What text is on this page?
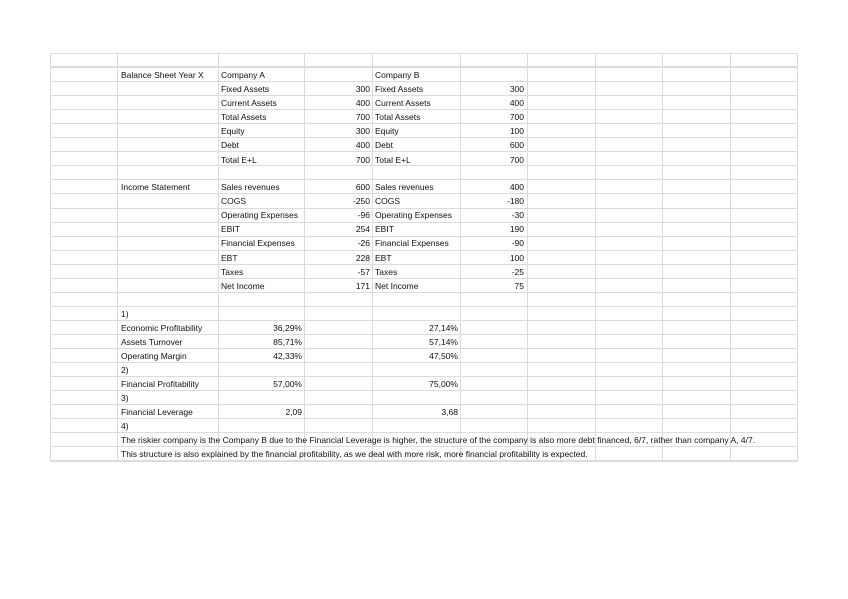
Balance Sheet Year X Company A	Company B
Fixed Assets	300 Fixed Assets	300
Current Assets	400 Current Assets	400
Total Assets	700 Total Assets	700
Equity	300 Equity	100
Debt	400 Debt	600
Total E+L	700 Total E+L	700
Income Statement	Sales revenues	600 Sales revenues	400
COGS	-250 COGS	-180
Operating Expenses	-96 Operating Expenses	-30
EBIT	254 EBIT	190
Financial Expenses	-26 Financial Expenses	-90
EBT	228 EBT	100
Taxes	-57 Taxes	-25
Net Income	171 Net Income	75
1)
Economic Profitability	36,29%	27,14%
Assets Turnover	85,71%	57,14%
Operating Margin	42,33%	47,50%
2)
Financial Profitability	57,00%	75,00%
3)
Financial Leverage	2,09	3,68
4)
The riskier company is the Company B due to the Financial Leverage is higher, the structure of the company is also more debt financed, 6/7, rather than company A, 4/7.
This structure is also explained by the financial profitability, as we deal with more risk, more financial profitability is expected.
